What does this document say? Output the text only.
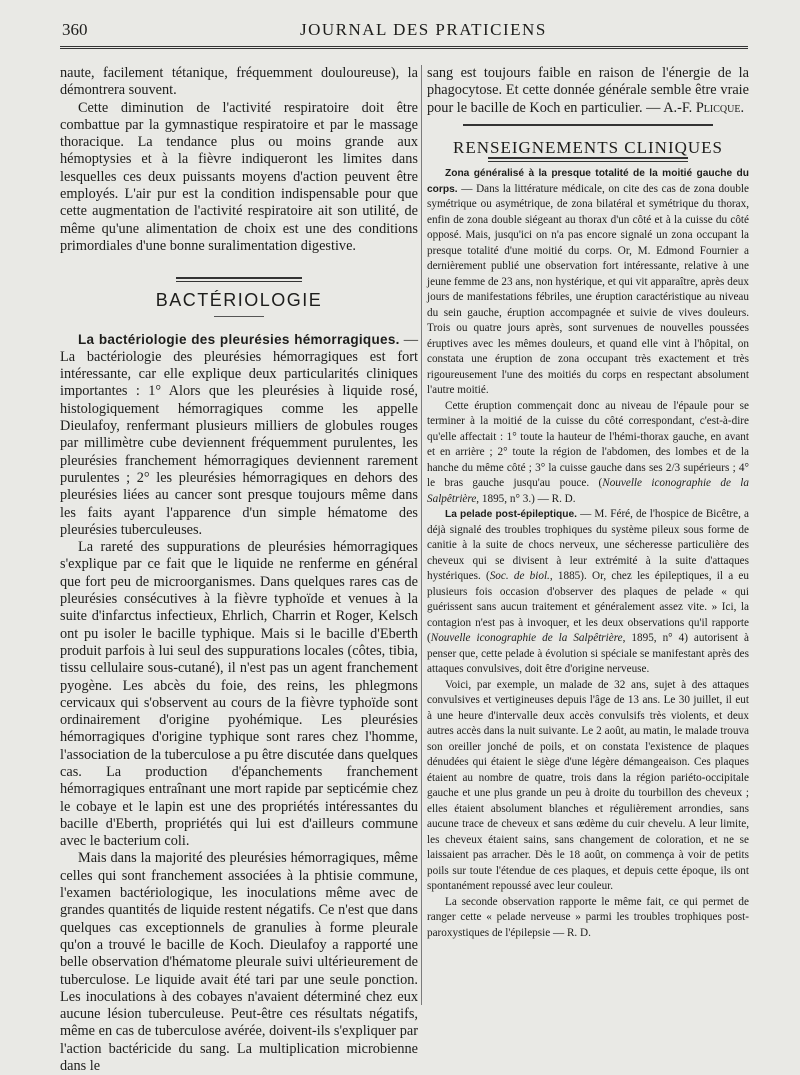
360	JOURNAL DES PRATICIENS

naute, facilement tétanique, fréquemment douloureuse), la démontrera souvent.

Cette diminution de l'activité respiratoire doit être combattue par la gymnastique respiratoire et par le massage thoracique. La tendance plus ou moins grande aux hémoptysies et à la fièvre indiqueront les limites dans lesquelles ces deux puissants moyens d'action peuvent être employés. L'air pur est la condition indispensable pour que cette augmentation de l'activité respiratoire ait son utilité, de même qu'une alimentation de choix est une des conditions primordiales d'une bonne suralimentation digestive.

BACTÉRIOLOGIE

La bactériologie des pleurésies hémorragiques. — La bactériologie des pleurésies hémorragiques est fort intéressante, car elle explique deux particularités cliniques importantes : 1° Alors que les pleurésies à liquide rosé, histologiquement hémorragiques comme les appelle Dieulafoy, renfermant plusieurs milliers de globules rouges par millimètre cube deviennent fréquemment purulentes, les pleurésies franchement hémorragiques deviennent rarement purulentes ; 2° les pleurésies hémorragiques en dehors des pleurésies liées au cancer sont presque toujours même dans les faits ayant l'apparence d'un simple hématome des pleurésies tuberculeuses.

La rareté des suppurations de pleurésies hémorragiques s'explique par ce fait que le liquide ne renferme en général que fort peu de microorganismes. Dans quelques rares cas de pleurésies consécutives à la fièvre typhoïde et venues à la suite d'infarctus infectieux, Ehrlich, Charrin et Roger, Kelsch ont pu isoler le bacille typhique. Mais si le bacille d'Eberth produit parfois à lui seul des suppurations locales (côtes, tibia, tissu cellulaire sous-cutané), il n'est pas un agent franchement pyogène. Les abcès du foie, des reins, les phlegmons cervicaux qui s'observent au cours de la fièvre typhoïde sont ordinairement d'origine pyohémique. Les pleurésies hémorragiques d'origine typhique sont rares chez l'homme, l'association de la tuberculose a pu être discutée dans quelques cas. La production d'épanchements franchement hémorragiques entraînant une mort rapide par septicémie chez le cobaye et le lapin est une des propriétés intéressantes du bacille d'Eberth, propriétés qui lui est d'ailleurs commune avec le bacterium coli.

Mais dans la majorité des pleurésies hémorragiques, même celles qui sont franchement associées à la phtisie commune, l'examen bactériologique, les inoculations même avec de grandes quantités de liquide restent négatifs. Ce n'est que dans quelques cas exceptionnels de granulies à forme pleurale qu'on a trouvé le bacille de Koch. Dieulafoy a rapporté une belle observation d'hématome pleurale suivi ultérieurement de tuberculose. Le liquide avait été tari par une seule ponction. Les inoculations à des cobayes n'avaient déterminé chez eux aucune lésion tuberculeuse. Peut-être ces résultats négatifs, même en cas de tuberculose avérée, doivent-ils s'expliquer par l'action bactéricide du sang. La multiplication microbienne dans le

sang est toujours faible en raison de l'énergie de la phagocytose. Et cette donnée générale semble être vraie pour le bacille de Koch en particulier. — A.-F. Plicque.

RENSEIGNEMENTS CLINIQUES

Zona généralisé à la presque totalité de la moitié gauche du corps. — Dans la littérature médicale, on cite des cas de zona double symétrique ou asymétrique, de zona bilatéral et symétrique du thorax, enfin de zona double siégeant au thorax d'un côté et à la cuisse du côté opposé. Mais, jusqu'ici on n'a pas encore signalé un zona occupant la presque totalité d'une moitié du corps. Or, M. Edmond Fournier a dernièrement publié une observation fort intéressante, relative à une jeune femme de 23 ans, non hystérique, et qui vit apparaître, après deux jours de manifestations fébriles, une éruption caractéristique au niveau du sein gauche, éruption accompagnée et suivie de vives douleurs. Trois ou quatre jours après, sont survenues de nouvelles poussées éruptives avec les mêmes douleurs, et quand elle vint à l'hôpital, on constata une éruption de zona occupant très exactement et très rigoureusement l'une des moitiés du corps en respectant absolument l'autre moitié.

Cette éruption commençait donc au niveau de l'épaule pour se terminer à la moitié de la cuisse du côté correspondant, c'est-à-dire qu'elle affectait : 1° toute la hauteur de l'hémi-thorax gauche, en avant et en arrière ; 2° toute la région de l'abdomen, des lombes et de la hanche du même côté ; 3° la cuisse gauche dans ses 2/3 supérieurs ; 4° le bras gauche jusqu'au pouce. (Nouvelle iconographie de la Salpêtrière, 1895, n° 3.) — R. D.

La pelade post-épileptique. — M. Féré, de l'hospice de Bicêtre, a déjà signalé des troubles trophiques du système pileux sous forme de canitie à la suite de chocs nerveux, une sécheresse particulière des cheveux qui se divisent à leur extrémité à la suite d'attaques hystériques. (Soc. de biol., 1885). Or, chez les épileptiques, il a eu plusieurs fois occasion d'observer des plaques de pelade « qui guérissent sans aucun traitement et généralement assez vite. » Ici, la contagion n'est pas à invoquer, et les deux observations qu'il rapporte (Nouvelle iconographie de la Salpêtrière, 1895, n° 4) autorisent à penser que, cette pelade à évolution si spéciale se manifestant après des attaques convulsives, doit être d'origine nerveuse.

Voici, par exemple, un malade de 32 ans, sujet à des attaques convulsives et vertigineuses depuis l'âge de 13 ans. Le 30 juillet, il eut à une heure d'intervalle deux accès convulsifs très violents, et deux autres accès dans la nuit suivante. Le 2 août, au matin, le malade trouva son oreiller jonché de poils, et on constata l'existence de plaques dénudées qui étaient le siège d'une légère démangeaison. Ces plaques étaient au nombre de quatre, trois dans la région pariéto-occipitale gauche et une plus grande un peu à droite du tourbillon des cheveux ; elles étaient absolument blanches et régulièrement arrondies, sans aucune trace de cheveux et sans œdème du cuir chevelu. A leur limite, les cheveux étaient sains, sans changement de coloration, et ne se laissaient pas arracher. Dès le 18 août, on commença à voir de petits poils sur toute l'étendue de ces plaques, et depuis cette époque, ils ont spontanément repoussé avec leur couleur.

La seconde observation rapporte le même fait, ce qui permet de ranger cette « pelade nerveuse » parmi les troubles trophiques post-paroxystiques de l'épilepsie — R. D.
